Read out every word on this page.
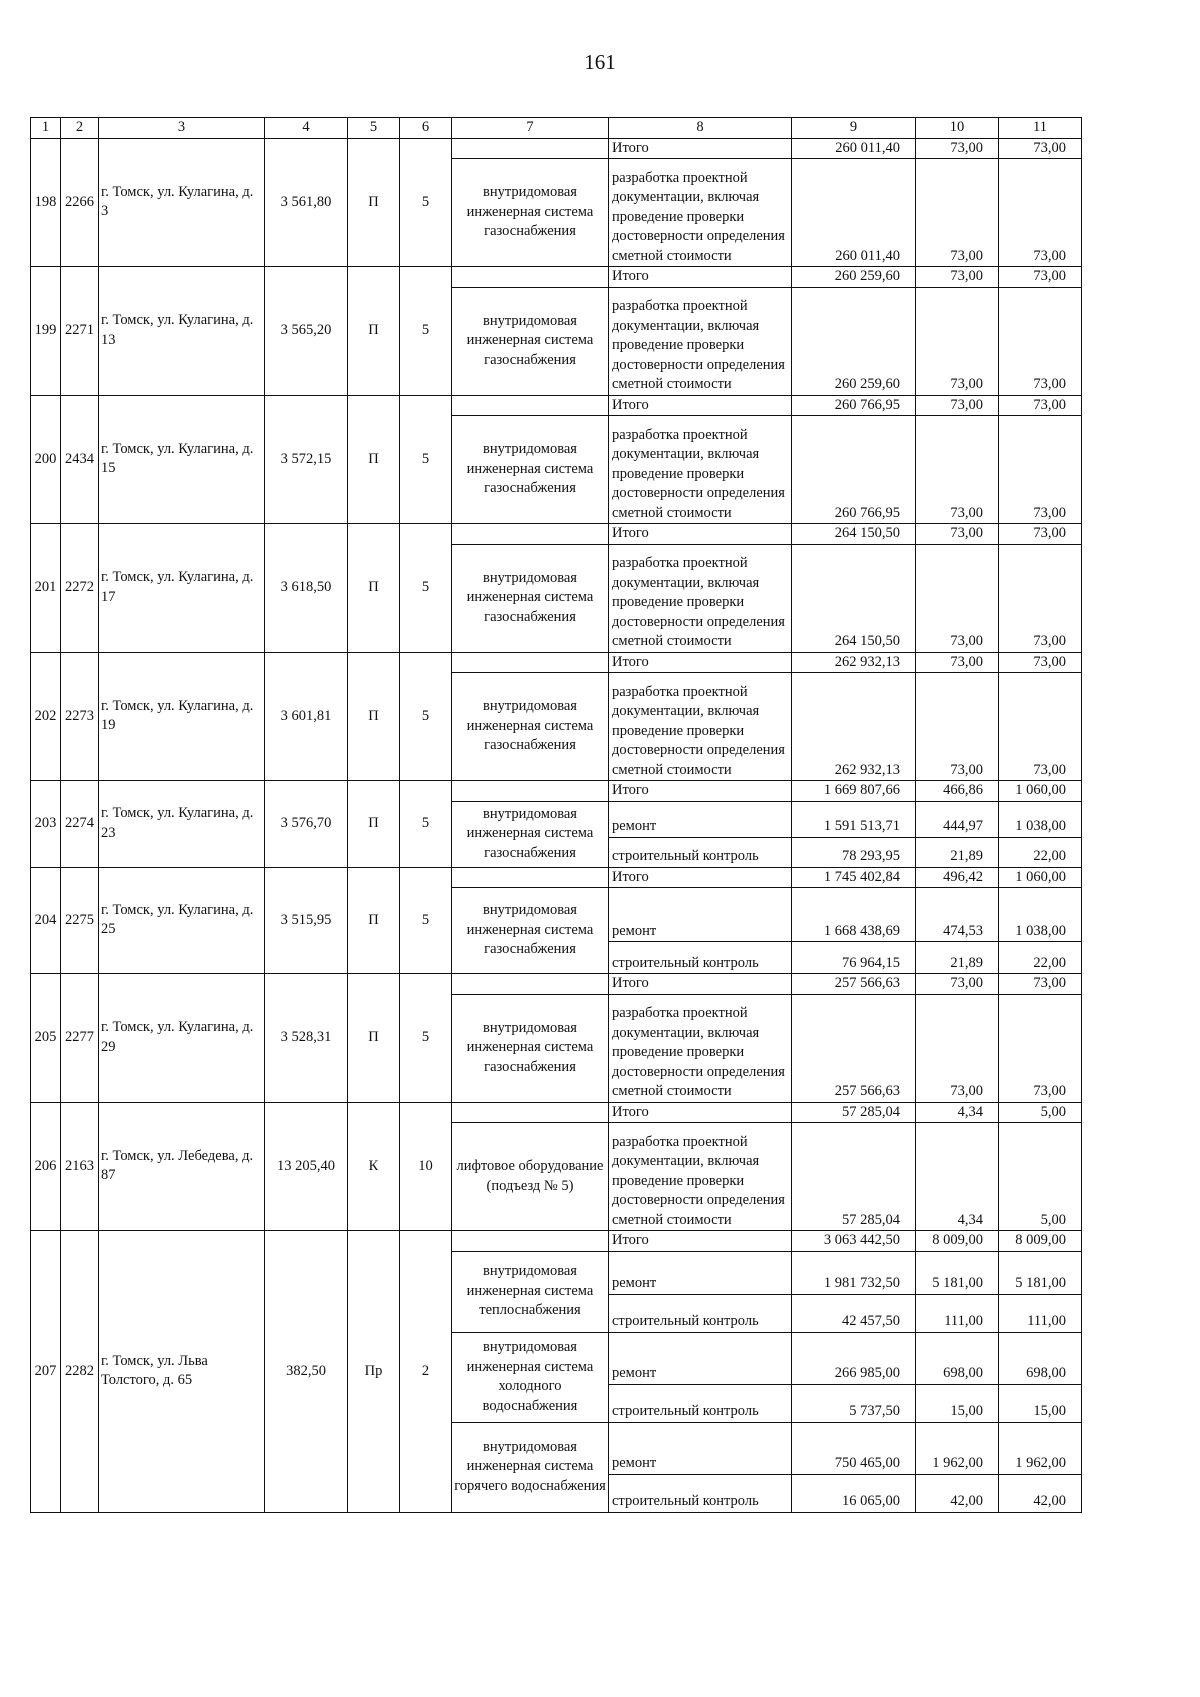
161
1	2	3	4	5	6	7	8	9	10	11
198	2266	г. Томск, ул. Кулагина, д. 3	3 561,80	П	5		Итого	260 011,40	73,00	73,00
						внутридомовая инженерная система газоснабжения	разработка проектной документации, включая проведение проверки достоверности определения сметной стоимости	260 011,40	73,00	73,00
199	2271	г. Томск, ул. Кулагина, д. 13	3 565,20	П	5		Итого	260 259,60	73,00	73,00
						внутридомовая инженерная система газоснабжения	разработка проектной документации, включая проведение проверки достоверности определения сметной стоимости	260 259,60	73,00	73,00
200	2434	г. Томск, ул. Кулагина, д. 15	3 572,15	П	5		Итого	260 766,95	73,00	73,00
						внутридомовая инженерная система газоснабжения	разработка проектной документации, включая проведение проверки достоверности определения сметной стоимости	260 766,95	73,00	73,00
201	2272	г. Томск, ул. Кулагина, д. 17	3 618,50	П	5		Итого	264 150,50	73,00	73,00
						внутридомовая инженерная система газоснабжения	разработка проектной документации, включая проведение проверки достоверности определения сметной стоимости	264 150,50	73,00	73,00
202	2273	г. Томск, ул. Кулагина, д. 19	3 601,81	П	5		Итого	262 932,13	73,00	73,00
						внутридомовая инженерная система газоснабжения	разработка проектной документации, включая проведение проверки достоверности определения сметной стоимости	262 932,13	73,00	73,00
203	2274	г. Томск, ул. Кулагина, д. 23	3 576,70	П	5		Итого	1 669 807,66	466,86	1 060,00
						внутридомовая инженерная система газоснабжения	ремонт	1 591 513,71	444,97	1 038,00
							строительный контроль	78 293,95	21,89	22,00
204	2275	г. Томск, ул. Кулагина, д. 25	3 515,95	П	5		Итого	1 745 402,84	496,42	1 060,00
						внутридомовая инженерная система газоснабжения	ремонт	1 668 438,69	474,53	1 038,00
							строительный контроль	76 964,15	21,89	22,00
205	2277	г. Томск, ул. Кулагина, д. 29	3 528,31	П	5		Итого	257 566,63	73,00	73,00
						внутридомовая инженерная система газоснабжения	разработка проектной документации, включая проведение проверки достоверности определения сметной стоимости	257 566,63	73,00	73,00
206	2163	г. Томск, ул. Лебедева, д. 87	13 205,40	К	10		Итого	57 285,04	4,34	5,00
						лифтовое оборудование (подъезд № 5)	разработка проектной документации, включая проведение проверки достоверности определения сметной стоимости	57 285,04	4,34	5,00
207	2282	г. Томск, ул. Льва Толстого, д. 65	382,50	Пр	2		Итого	3 063 442,50	8 009,00	8 009,00
						внутридомовая инженерная система теплоснабжения	ремонт	1 981 732,50	5 181,00	5 181,00
							строительный контроль	42 457,50	111,00	111,00
						внутридомовая инженерная система холодного водоснабжения	ремонт	266 985,00	698,00	698,00
							строительный контроль	5 737,50	15,00	15,00
						внутридомовая инженерная система горячего водоснабжения	ремонт	750 465,00	1 962,00	1 962,00
							строительный контроль	16 065,00	42,00	42,00
